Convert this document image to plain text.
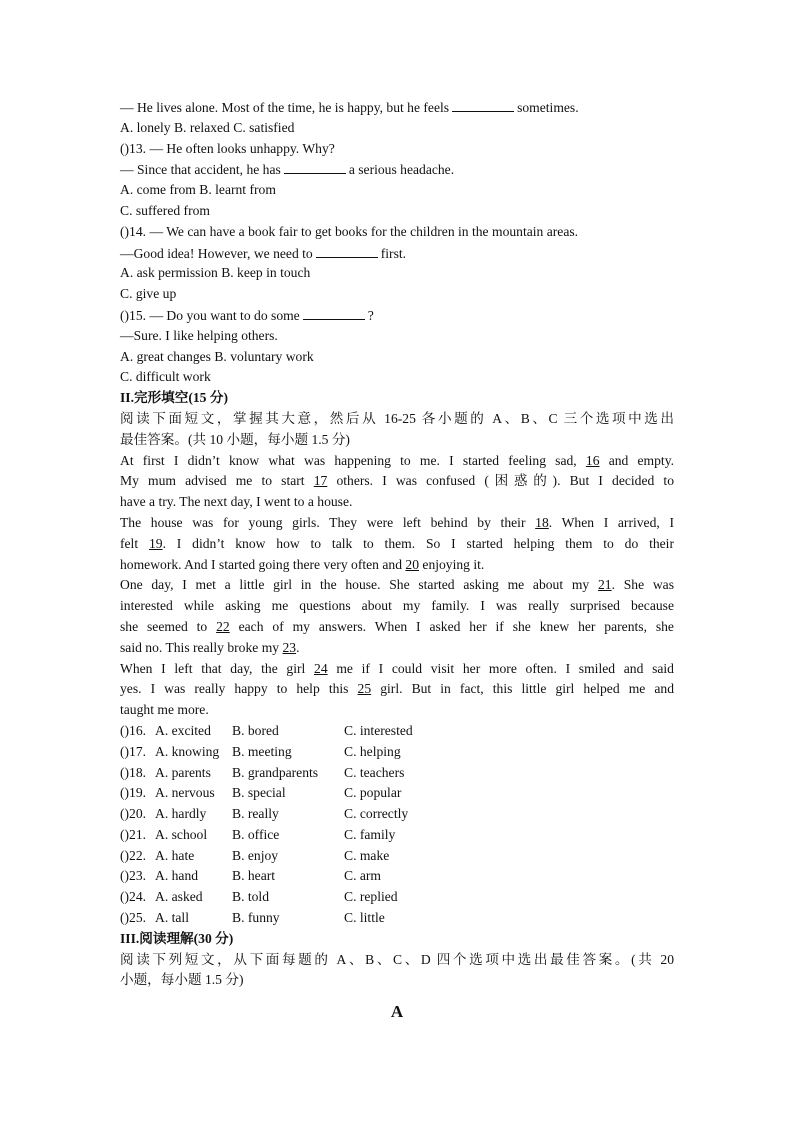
— He lives alone. Most of the time, he is happy, but he feels	sometimes.
A. lonely B. relaxed C. satisfied
()13. — He often looks unhappy. Why?
— Since that accident, he has	a serious headache.
A. come from B. learnt from
C. suffered from
()14. — We can have a book fair to get books for the children in the mountain areas.
—Good idea! However, we need to	first.
A. ask permission B. keep in touch
C. give up
()15. — Do you want to do some	?
—Sure. I like helping others.
A. great changes B. voluntary work
C. difficult work
II.完形填空(15 分)
阅读下面短文，掌握其大意，然后从 16-25 各小题的 A、B、C 三个选项中选出
最佳答案。(共 10 小题，每小题 1.5 分)
At first I didn’t know what was happening to me. I started feeling sad, 16 and empty.
My mum advised me to start 17 others. I was confused (困惑的). But I decided to
have a try. The next day, I went to a house.
The house was for young girls. They were left behind by their 18. When I arrived, I
felt 19. I didn’t know how to talk to them. So I started helping them to do their
homework. And I started going there very often and 20 enjoying it.
One day, I met a little girl in the house. She started asking me about my 21. She was
interested while asking me questions about my family. I was really surprised because
she seemed to 22 each of my answers. When I asked her if she knew her parents, she
said no. This really broke my 23.
When I left that day, the girl 24 me if I could visit her more often. I smiled and said
yes. I was really happy to help this 25 girl. But in fact, this little girl helped me and
taught me more.
()16. A. excited	B. bored	C. interested
()17. A. knowing B. meeting	C. helping
()18. A. parents	B. grandparents	C. teachers
()19. A. nervous	B. special	C. popular
()20. A. hardly	B. really	C. correctly
()21. A. school	B. office	C. family
()22. A. hate	B. enjoy	C. make
()23. A. hand	B. heart	C. arm
()24. A. asked	B. told	C. replied
()25. A. tall	B. funny	C. little
III.阅读理解(30 分)
阅读下列短文，从下面每题的 A、B、C、D 四个选项中选出最佳答案。(共 20
小题，每小题 1.5 分)
A
